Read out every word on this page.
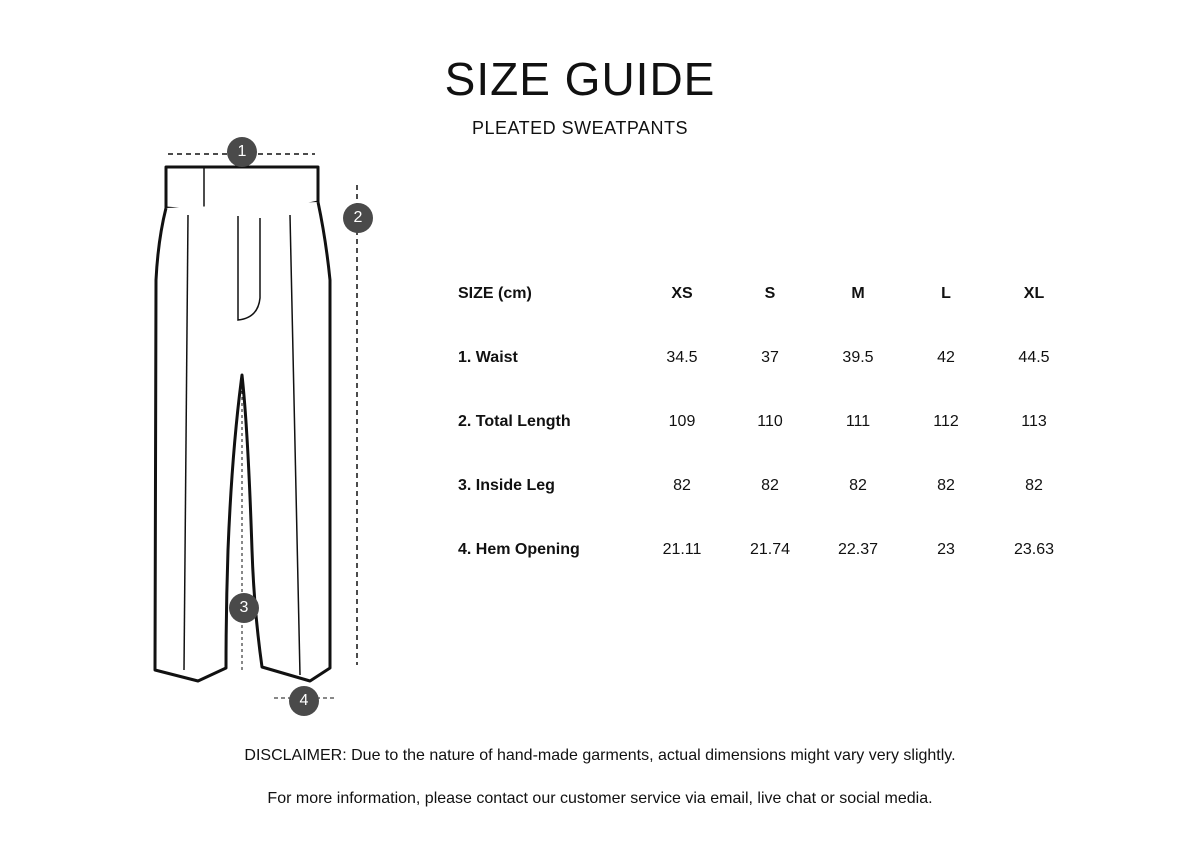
SIZE GUIDE
PLEATED SWEATPANTS
1
2
3
4
SIZE (cm)	XS	S	M	L	XL
1. Waist	34.5	37	39.5	42	44.5
2. Total Length	109	110	111	112	113
3. Inside Leg	82	82	82	82	82
4. Hem Opening	21.11	21.74	22.37	23	23.63
DISCLAIMER: Due to the nature of hand-made garments, actual dimensions might vary very slightly.
For more information, please contact our customer service via email, live chat or social media.
